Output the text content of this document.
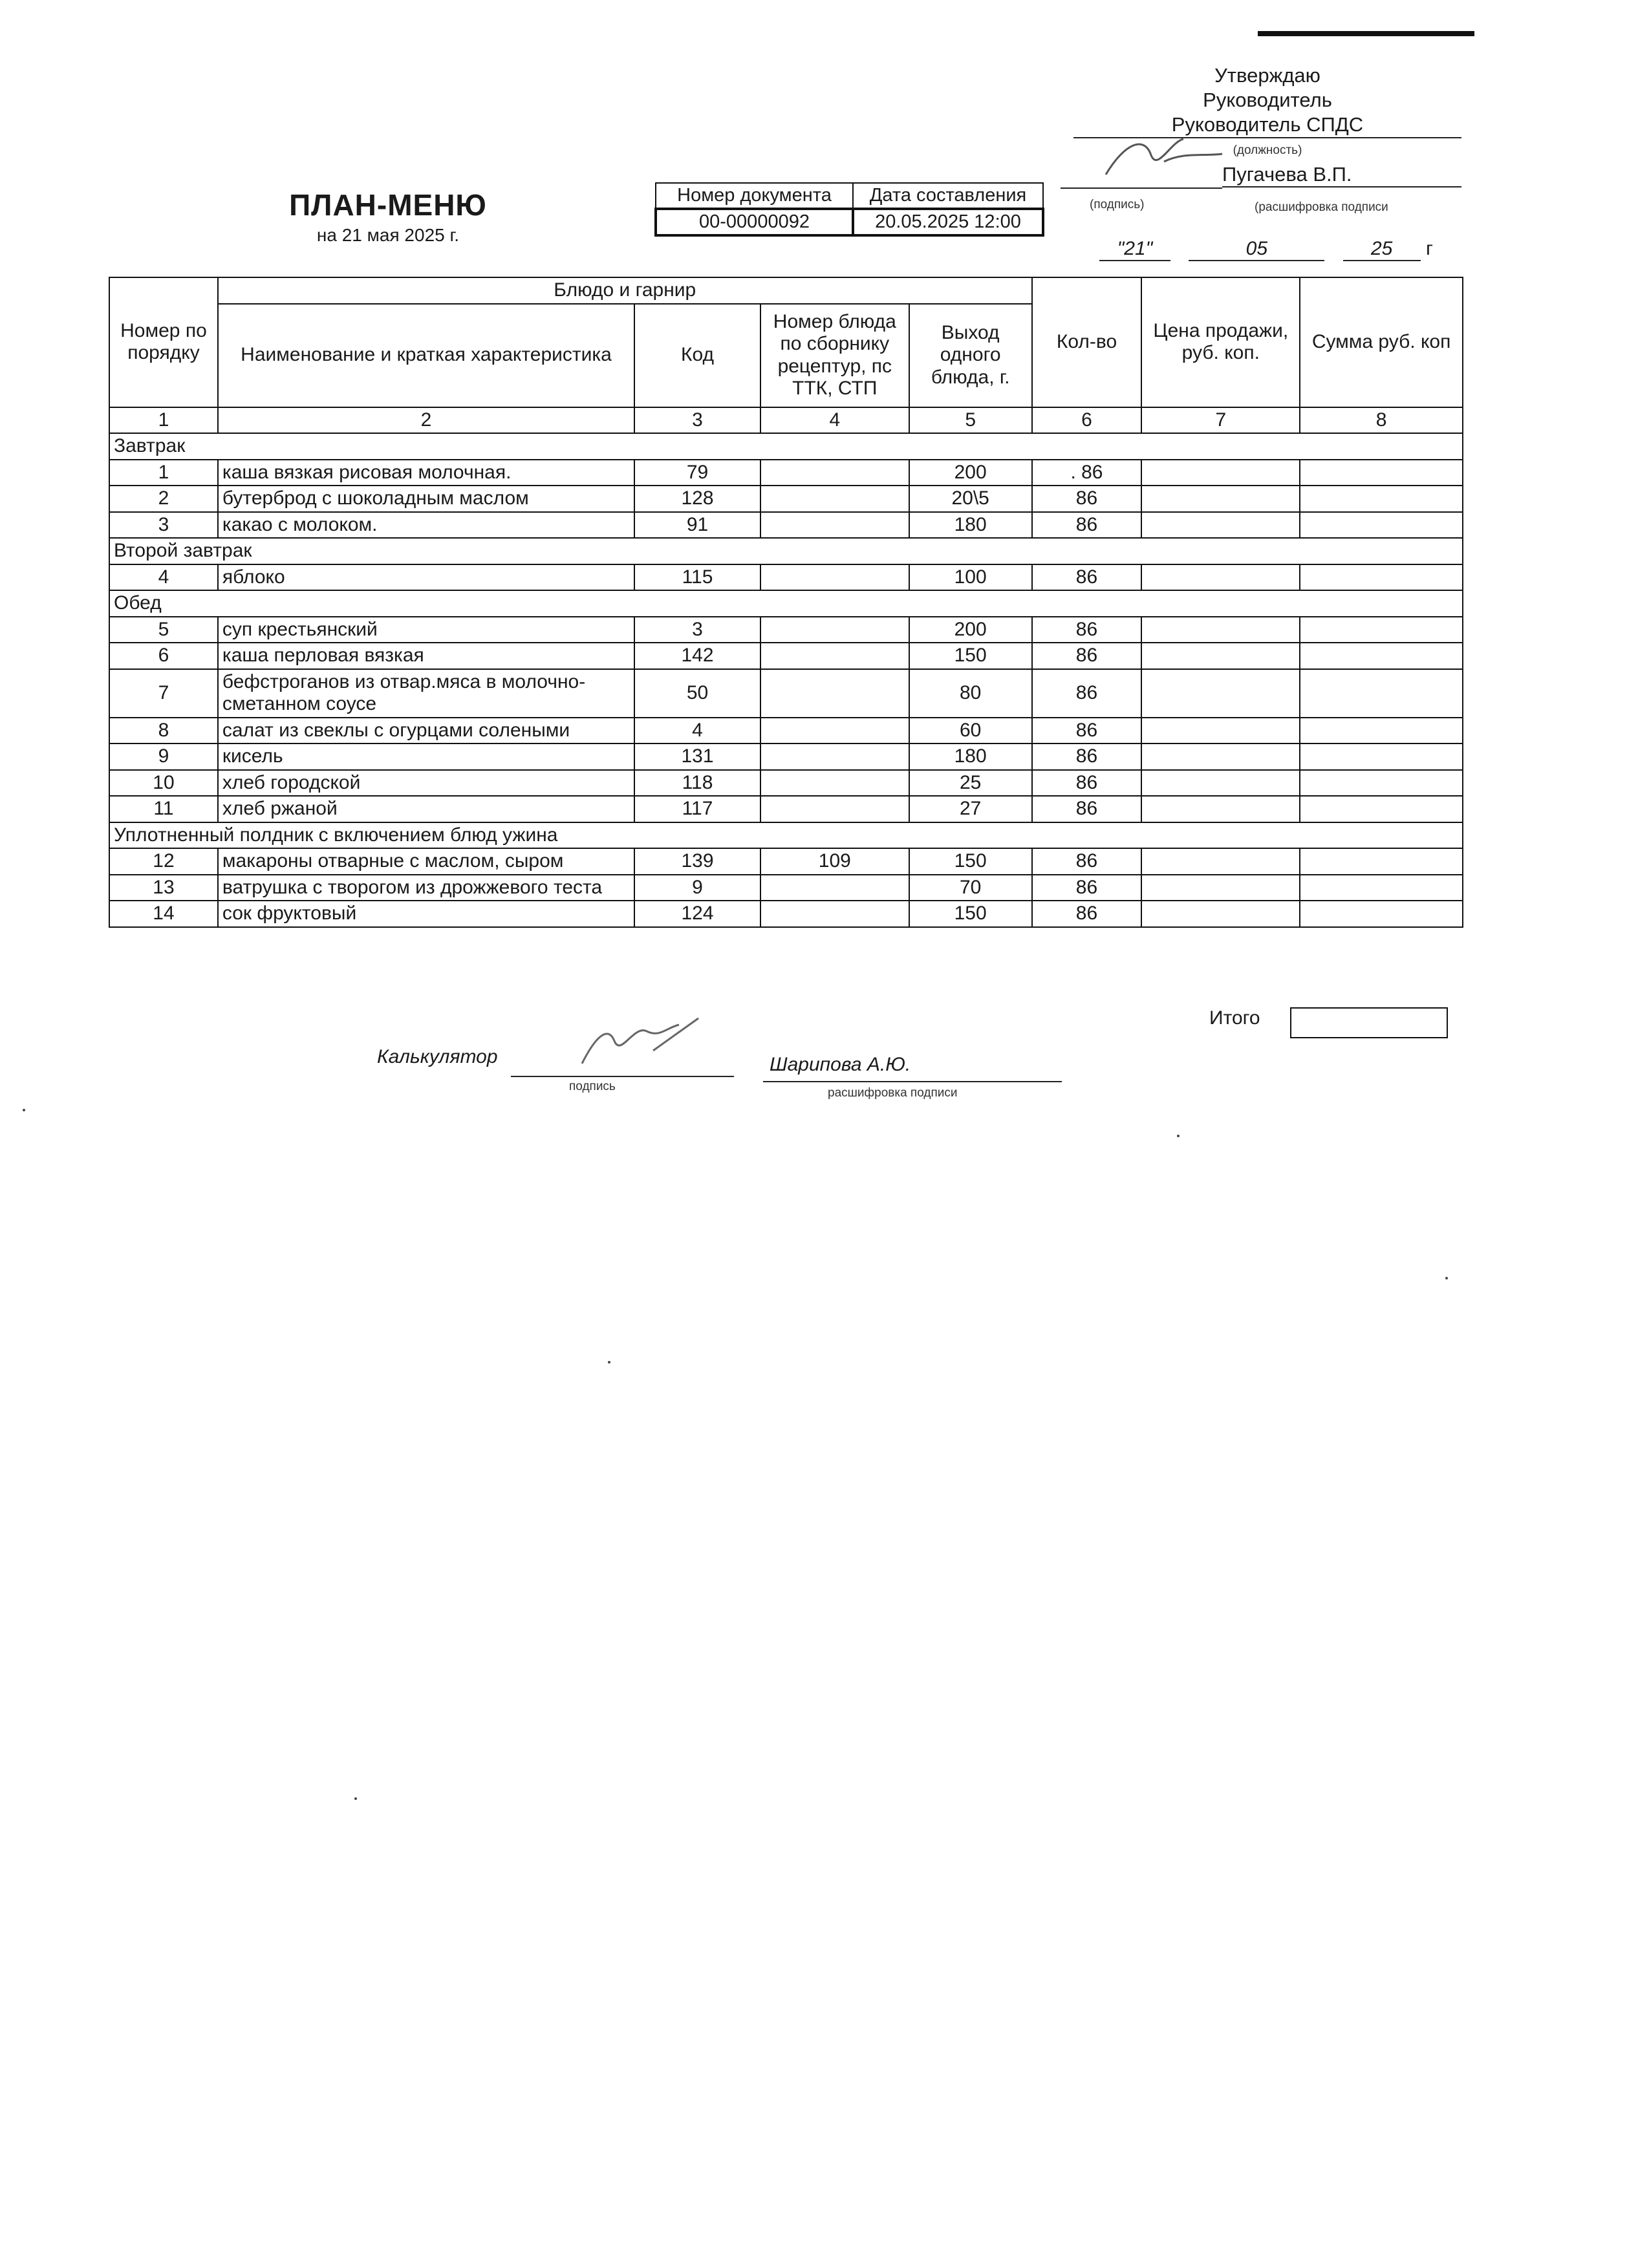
Утверждаю
Руководитель
Руководитель СПДС
(должность)
Пугачева В.П.
(подпись)	(расшифровка подписи
"21"	05	25 г
ПЛАН-МЕНЮ
на 21 мая 2025 г.
Номер документа	Дата составления
00-00000092	20.05.2025 12:00
Номер по порядку	Блюдо и гарнир				Кол-во	Цена продажи, руб. коп.	Сумма руб. коп
	Наименование и краткая характеристика	Код	Номер блюда по сборнику рецептур, пс ТТК, СТП	Выход одного блюда, г.			
1	2	3	4	5	6	7	8
Завтрак							
1	каша вязкая рисовая молочная.	79		200	. 86		
2	бутерброд с шоколадным маслом	128		20\5	86		
3	какао с молоком.	91		180	86		
Второй завтрак							
4	яблоко	115		100	86		
Обед							
5	суп крестьянский	3		200	86		
6	каша перловая вязкая	142		150	86		
7	бефстроганов из отвар.мяса в молочно-сметанном соусе	50		80	86		
8	салат из свеклы с огурцами солеными	4		60	86		
9	кисель	131		180	86		
10	хлеб городской	118		25	86		
11	хлеб ржаной	117		27	86		
Уплотненный полдник с включением блюд ужина							
12	макароны отварные с маслом, сыром	139	109	150	86		
13	ватрушка с творогом из дрожжевого теста	9		70	86		
14	сок фруктовый	124		150	86		
Итого
Калькулятор
подпись
Шарипова А.Ю.
расшифровка подписи
